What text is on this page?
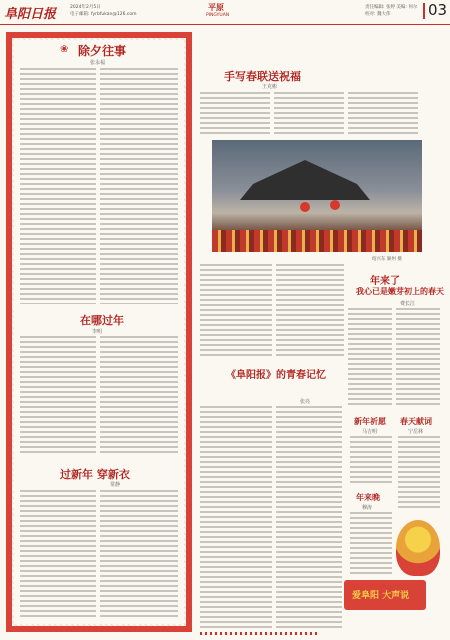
阜阳日报	2024年2月5日
电子邮箱: fyrbfukan@126.com
平原
PINGYUAN
责任编辑: 张婷 美编: 何尔
校对: 魏大伟	03
❀ 除夕往事
张永福
在哪过年
李明
过新年 穿新衣
常静
手写春联送祝福
王克彬
绍兴东 颍州 摄
《阜阳报》的青春记忆
张亮
年来了
我心已是嫩芽初上的春天
费长江
新年祈愿
马吉明
春天献词
宁岳林
年来晚
穆涛
爱阜阳 大声说
